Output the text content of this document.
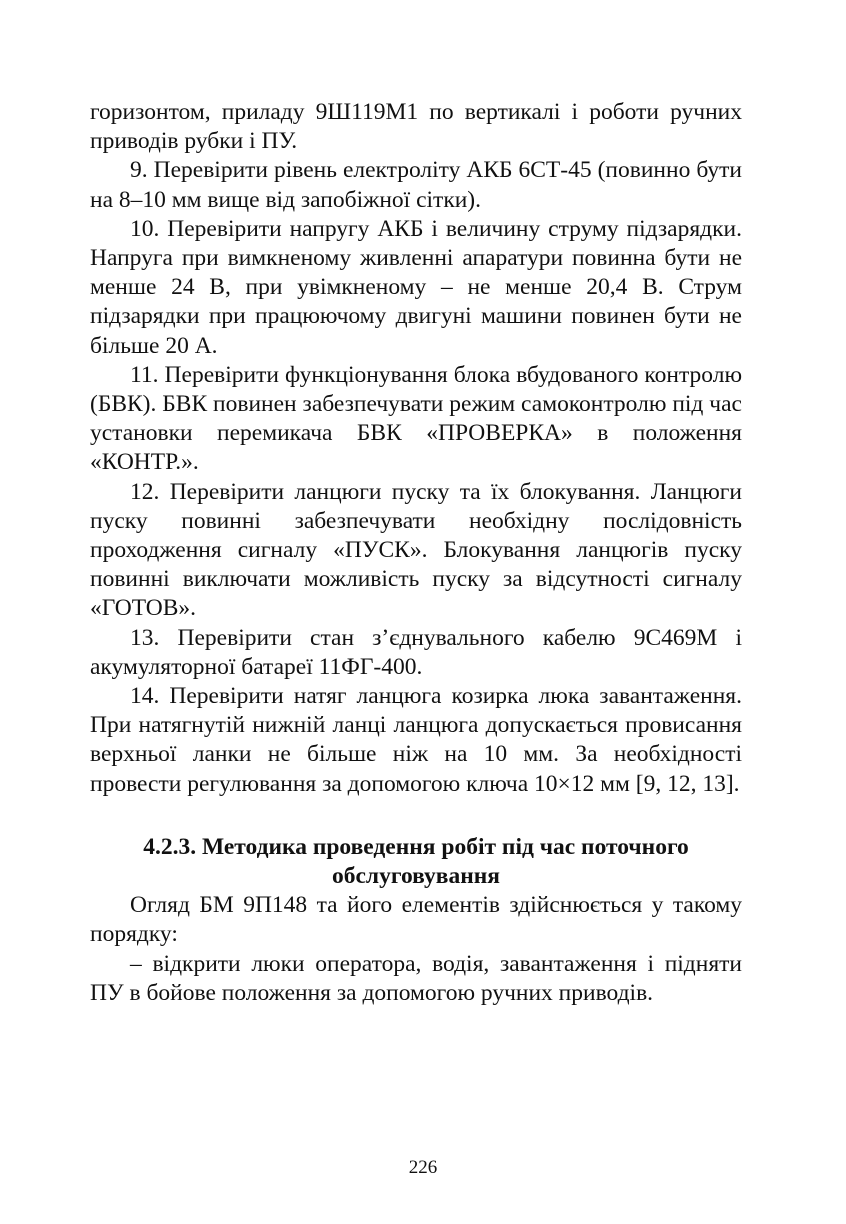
горизонтом, приладу 9Ш119М1 по вертикалі і роботи ручних приводів рубки і ПУ.

9. Перевірити рівень електроліту АКБ 6СТ-45 (повинно бути на 8–10 мм вище від запобіжної сітки).

10. Перевірити напругу АКБ і величину струму підзарядки. Напруга при вимкненому живленні апаратури повинна бути не менше 24 В, при увімкненому – не менше 20,4 В. Струм підзарядки при працюючому двигуні машини повинен бути не більше 20 А.

11. Перевірити функціонування блока вбудованого контролю (БВК). БВК повинен забезпечувати режим самоконтролю під час установки перемикача БВК «ПРОВЕРКА» в положення «КОНТР.».

12. Перевірити ланцюги пуску та їх блокування. Ланцюги пуску повинні забезпечувати необхідну послідовність проходження сигналу «ПУСК». Блокування ланцюгів пуску повинні виключати можливість пуску за відсутності сигналу «ГОТОВ».

13. Перевірити стан з’єднувального кабелю 9С469М і акумуляторної батареї 11ФГ-400.

14. Перевірити натяг ланцюга козирка люка завантаження. При натягнутій нижній ланці ланцюга допускається провисання верхньої ланки не більше ніж на 10 мм. За необхідності провести регулювання за допомогою ключа 10×12 мм [9, 12, 13].

4.2.3. Методика проведення робіт під час поточного
обслуговування

Огляд БМ 9П148 та його елементів здійснюється у такому порядку:

– відкрити люки оператора, водія, завантаження і підняти ПУ в бойове положення за допомогою ручних приводів.

226
